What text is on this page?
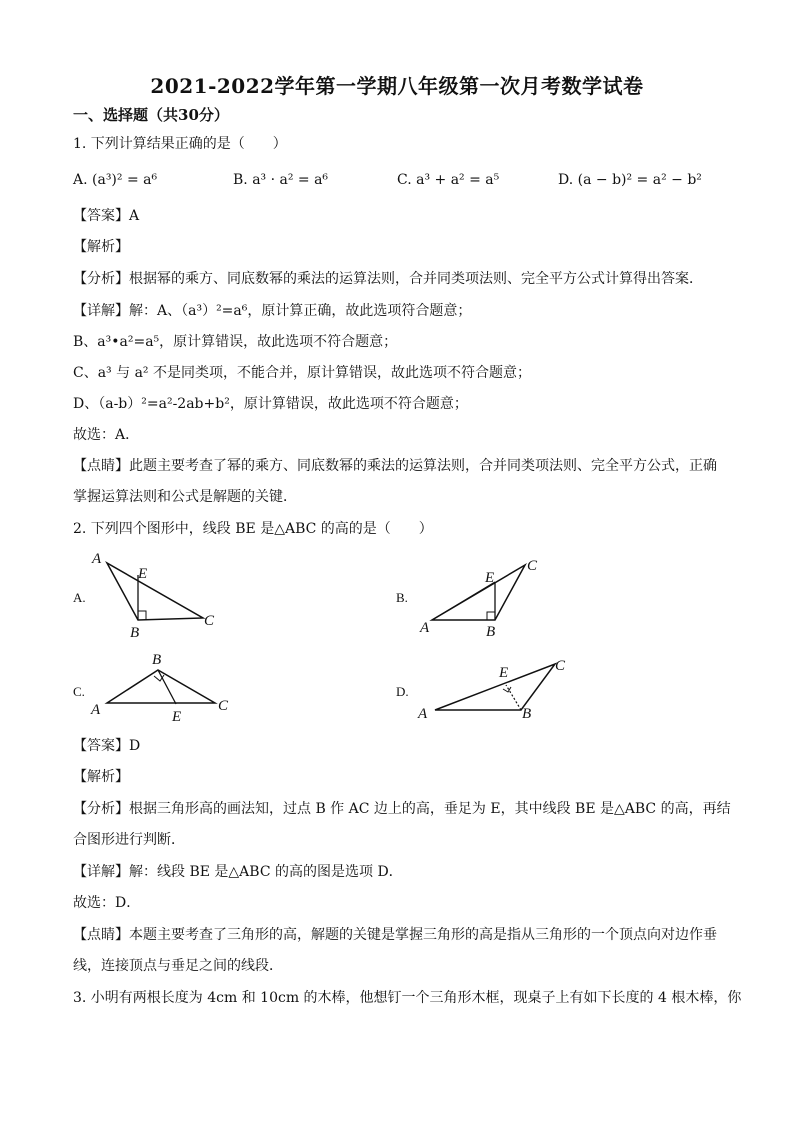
2021-2022学年第一学期八年级第一次月考数学试卷
一、选择题（共30分）
1. 下列计算结果正确的是（　　）
A. (a³)² = a⁶	B. a³ · a² = a⁶	C. a³ + a² = a⁵	D. (a − b)² = a² − b²
【答案】A
【解析】
【分析】根据幂的乘方、同底数幂的乘法的运算法则，合并同类项法则、完全平方公式计算得出答案．
【详解】解：A、（a³）²=a⁶，原计算正确，故此选项符合题意；
B、a³•a²=a⁵，原计算错误，故此选项不符合题意；
C、a³ 与 a² 不是同类项，不能合并，原计算错误，故此选项不符合题意；
D、（a-b）²=a²-2ab+b²，原计算错误，故此选项不符合题意；
故选：A．
【点睛】此题主要考查了幂的乘方、同底数幂的乘法的运算法则，合并同类项法则、完全平方公式，正确
掌握运算法则和公式是解题的关键．
2. 下列四个图形中，线段 BE 是△ABC 的高的是（　　）
A.
A
E
B
C
B.
A
E
B
C
C.
A
B
E
C
D.
A
E
B
C
【答案】D
【解析】
【分析】根据三角形高的画法知，过点 B 作 AC 边上的高，垂足为 E，其中线段 BE 是△ABC 的高，再结
合图形进行判断．
【详解】解：线段 BE 是△ABC 的高的图是选项 D．
故选：D．
【点睛】本题主要考查了三角形的高，解题的关键是掌握三角形的高是指从三角形的一个顶点向对边作垂
线，连接顶点与垂足之间的线段．
3. 小明有两根长度为 4cm 和 10cm 的木棒，他想钉一个三角形木框，现桌子上有如下长度的 4 根木棒，你
